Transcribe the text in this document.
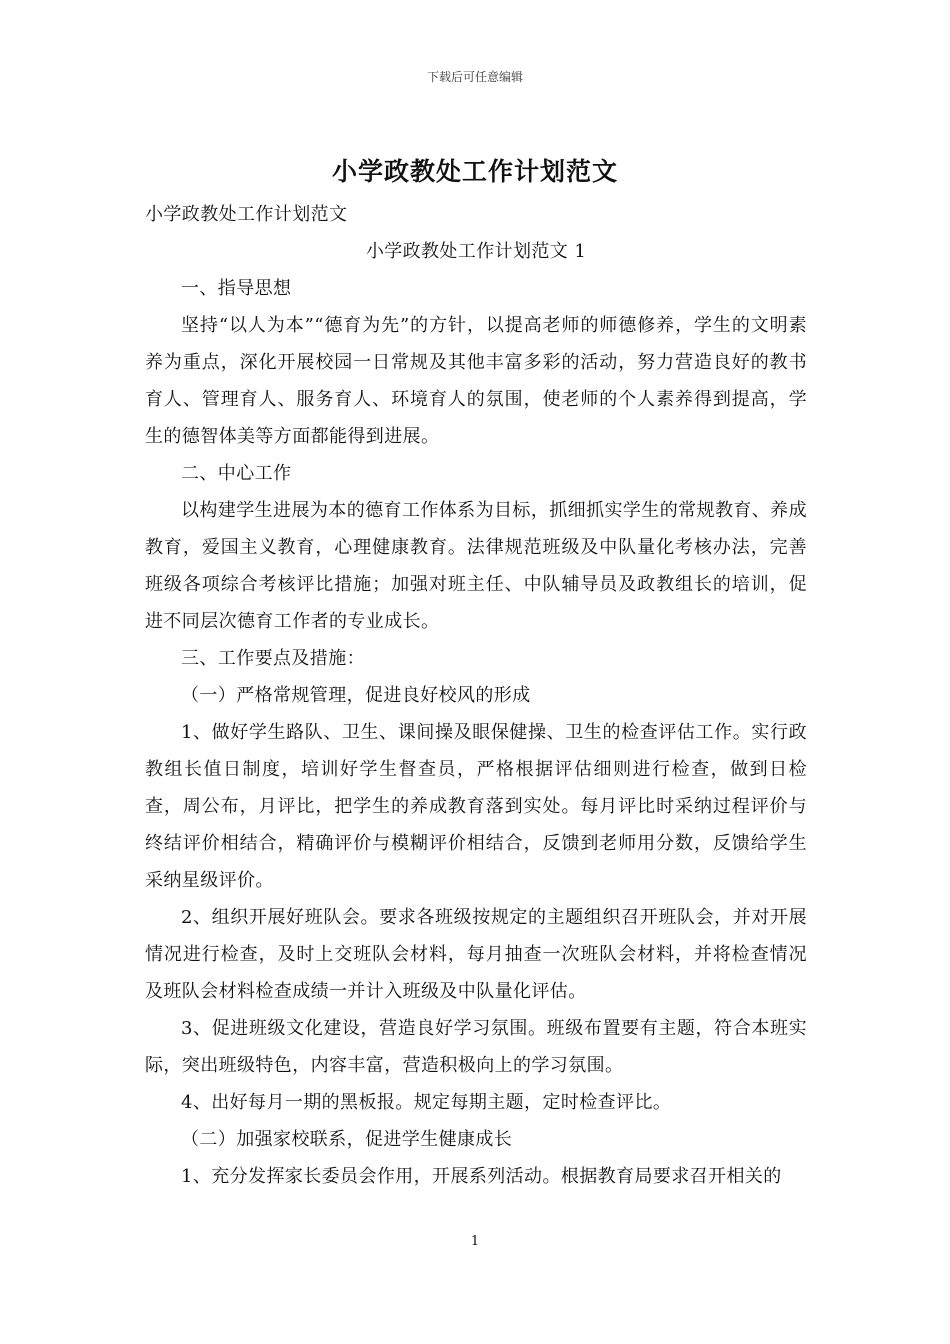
下载后可任意编辑
小学政教处工作计划范文

小学政教处工作计划范文

小学政教处工作计划范文 1

一、指导思想

坚持“以人为本”“德育为先”的方针，以提高老师的师德修养，学生的文明素养为重点，深化开展校园一日常规及其他丰富多彩的活动，努力营造良好的教书育人、管理育人、服务育人、环境育人的氛围，使老师的个人素养得到提高，学生的德智体美等方面都能得到进展。

二、中心工作

以构建学生进展为本的德育工作体系为目标，抓细抓实学生的常规教育、养成教育，爱国主义教育，心理健康教育。法律规范班级及中队量化考核办法，完善班级各项综合考核评比措施；加强对班主任、中队辅导员及政教组长的培训，促进不同层次德育工作者的专业成长。

三、工作要点及措施：

（一）严格常规管理，促进良好校风的形成

1、做好学生路队、卫生、课间操及眼保健操、卫生的检查评估工作。实行政教组长值日制度，培训好学生督查员，严格根据评估细则进行检查，做到日检查，周公布，月评比，把学生的养成教育落到实处。每月评比时采纳过程评价与终结评价相结合，精确评价与模糊评价相结合，反馈到老师用分数，反馈给学生采纳星级评价。

2、组织开展好班队会。要求各班级按规定的主题组织召开班队会，并对开展情况进行检查，及时上交班队会材料，每月抽查一次班队会材料，并将检查情况及班队会材料检查成绩一并计入班级及中队量化评估。

3、促进班级文化建设，营造良好学习氛围。班级布置要有主题，符合本班实际，突出班级特色，内容丰富，营造积极向上的学习氛围。

4、出好每月一期的黑板报。规定每期主题，定时检查评比。

（二）加强家校联系，促进学生健康成长

1、充分发挥家长委员会作用，开展系列活动。根据教育局要求召开相关的

1
